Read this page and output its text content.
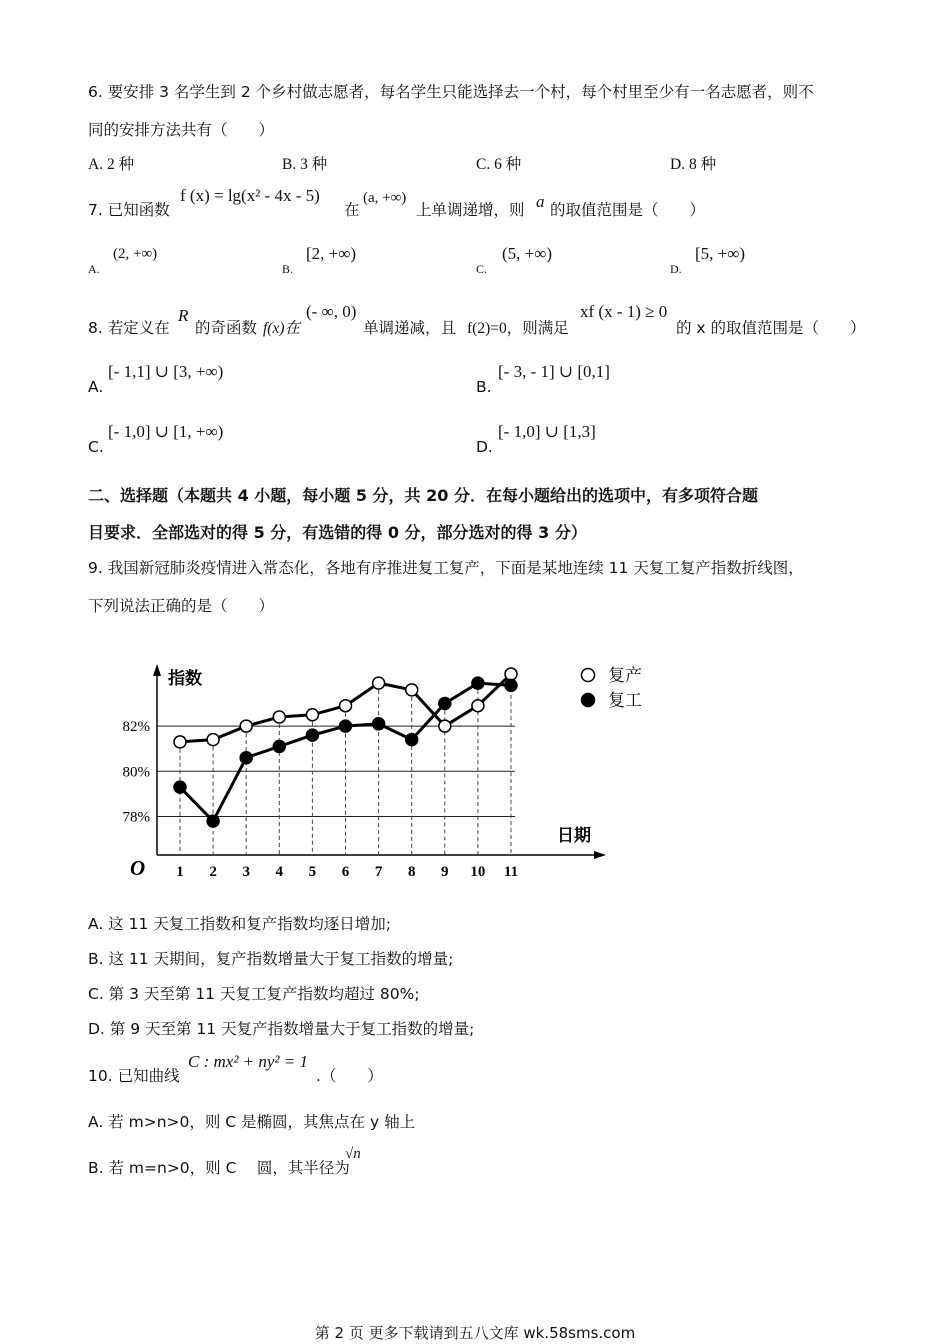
6. 要安排 3 名学生到 2 个乡村做志愿者，每名学生只能选择去一个村，每个村里至少有一名志愿者，则不
同的安排方法共有（　　）
A. 2 种	B. 3 种	C. 6 种	D. 8 种
7. 已知函数
f (x) = lg(x² - 4x - 5)
在
(a, +∞)
上单调递增，则 a 的取值范围是（　　）
A.
(2, +∞)
B.
[2, +∞)
C.
(5, +∞)
D.
[5, +∞)
8. 若定义在
R
的奇函数 f(x)在
(- ∞, 0)
单调递减，且 f(2)=0，则满足
xf (x - 1) ≥ 0
的 x 的取值范围是（　　）
A.
[- 1,1] ∪ [3, +∞)
B.
[- 3, - 1] ∪ [0,1]
C.
[- 1,0] ∪ [1, +∞)
D.
[- 1,0] ∪ [1,3]
二、选择题（本题共 4 小题，每小题 5 分，共 20 分．在每小题给出的选项中，有多项符合题
目要求．全部选对的得 5 分，有选错的得 0 分，部分选对的得 3 分）
9. 我国新冠肺炎疫情进入常态化，各地有序推进复工复产，下面是某地连续 11 天复工复产指数折线图，
下列说法正确的是（　　）
78%
80%
82%
指数
日期
O 1 2 3 4 5 6 7 8 9 10 11
复产
复工
A. 这 11 天复工指数和复产指数均逐日增加;
B. 这 11 天期间，复产指数增量大于复工指数的增量;
C. 第 3 天至第 11 天复工复产指数均超过 80%;
D. 第 9 天至第 11 天复产指数增量大于复工指数的增量;
10. 已知曲线
C : mx² + ny² = 1
.（　　）
A. 若 m>n>0，则 C 是椭圆，其焦点在 y 轴上
B. 若 m=n>0，则 C　 圆，其半径为
√n
第 2 页 更多下载请到五八文库 wk.58sms.com
